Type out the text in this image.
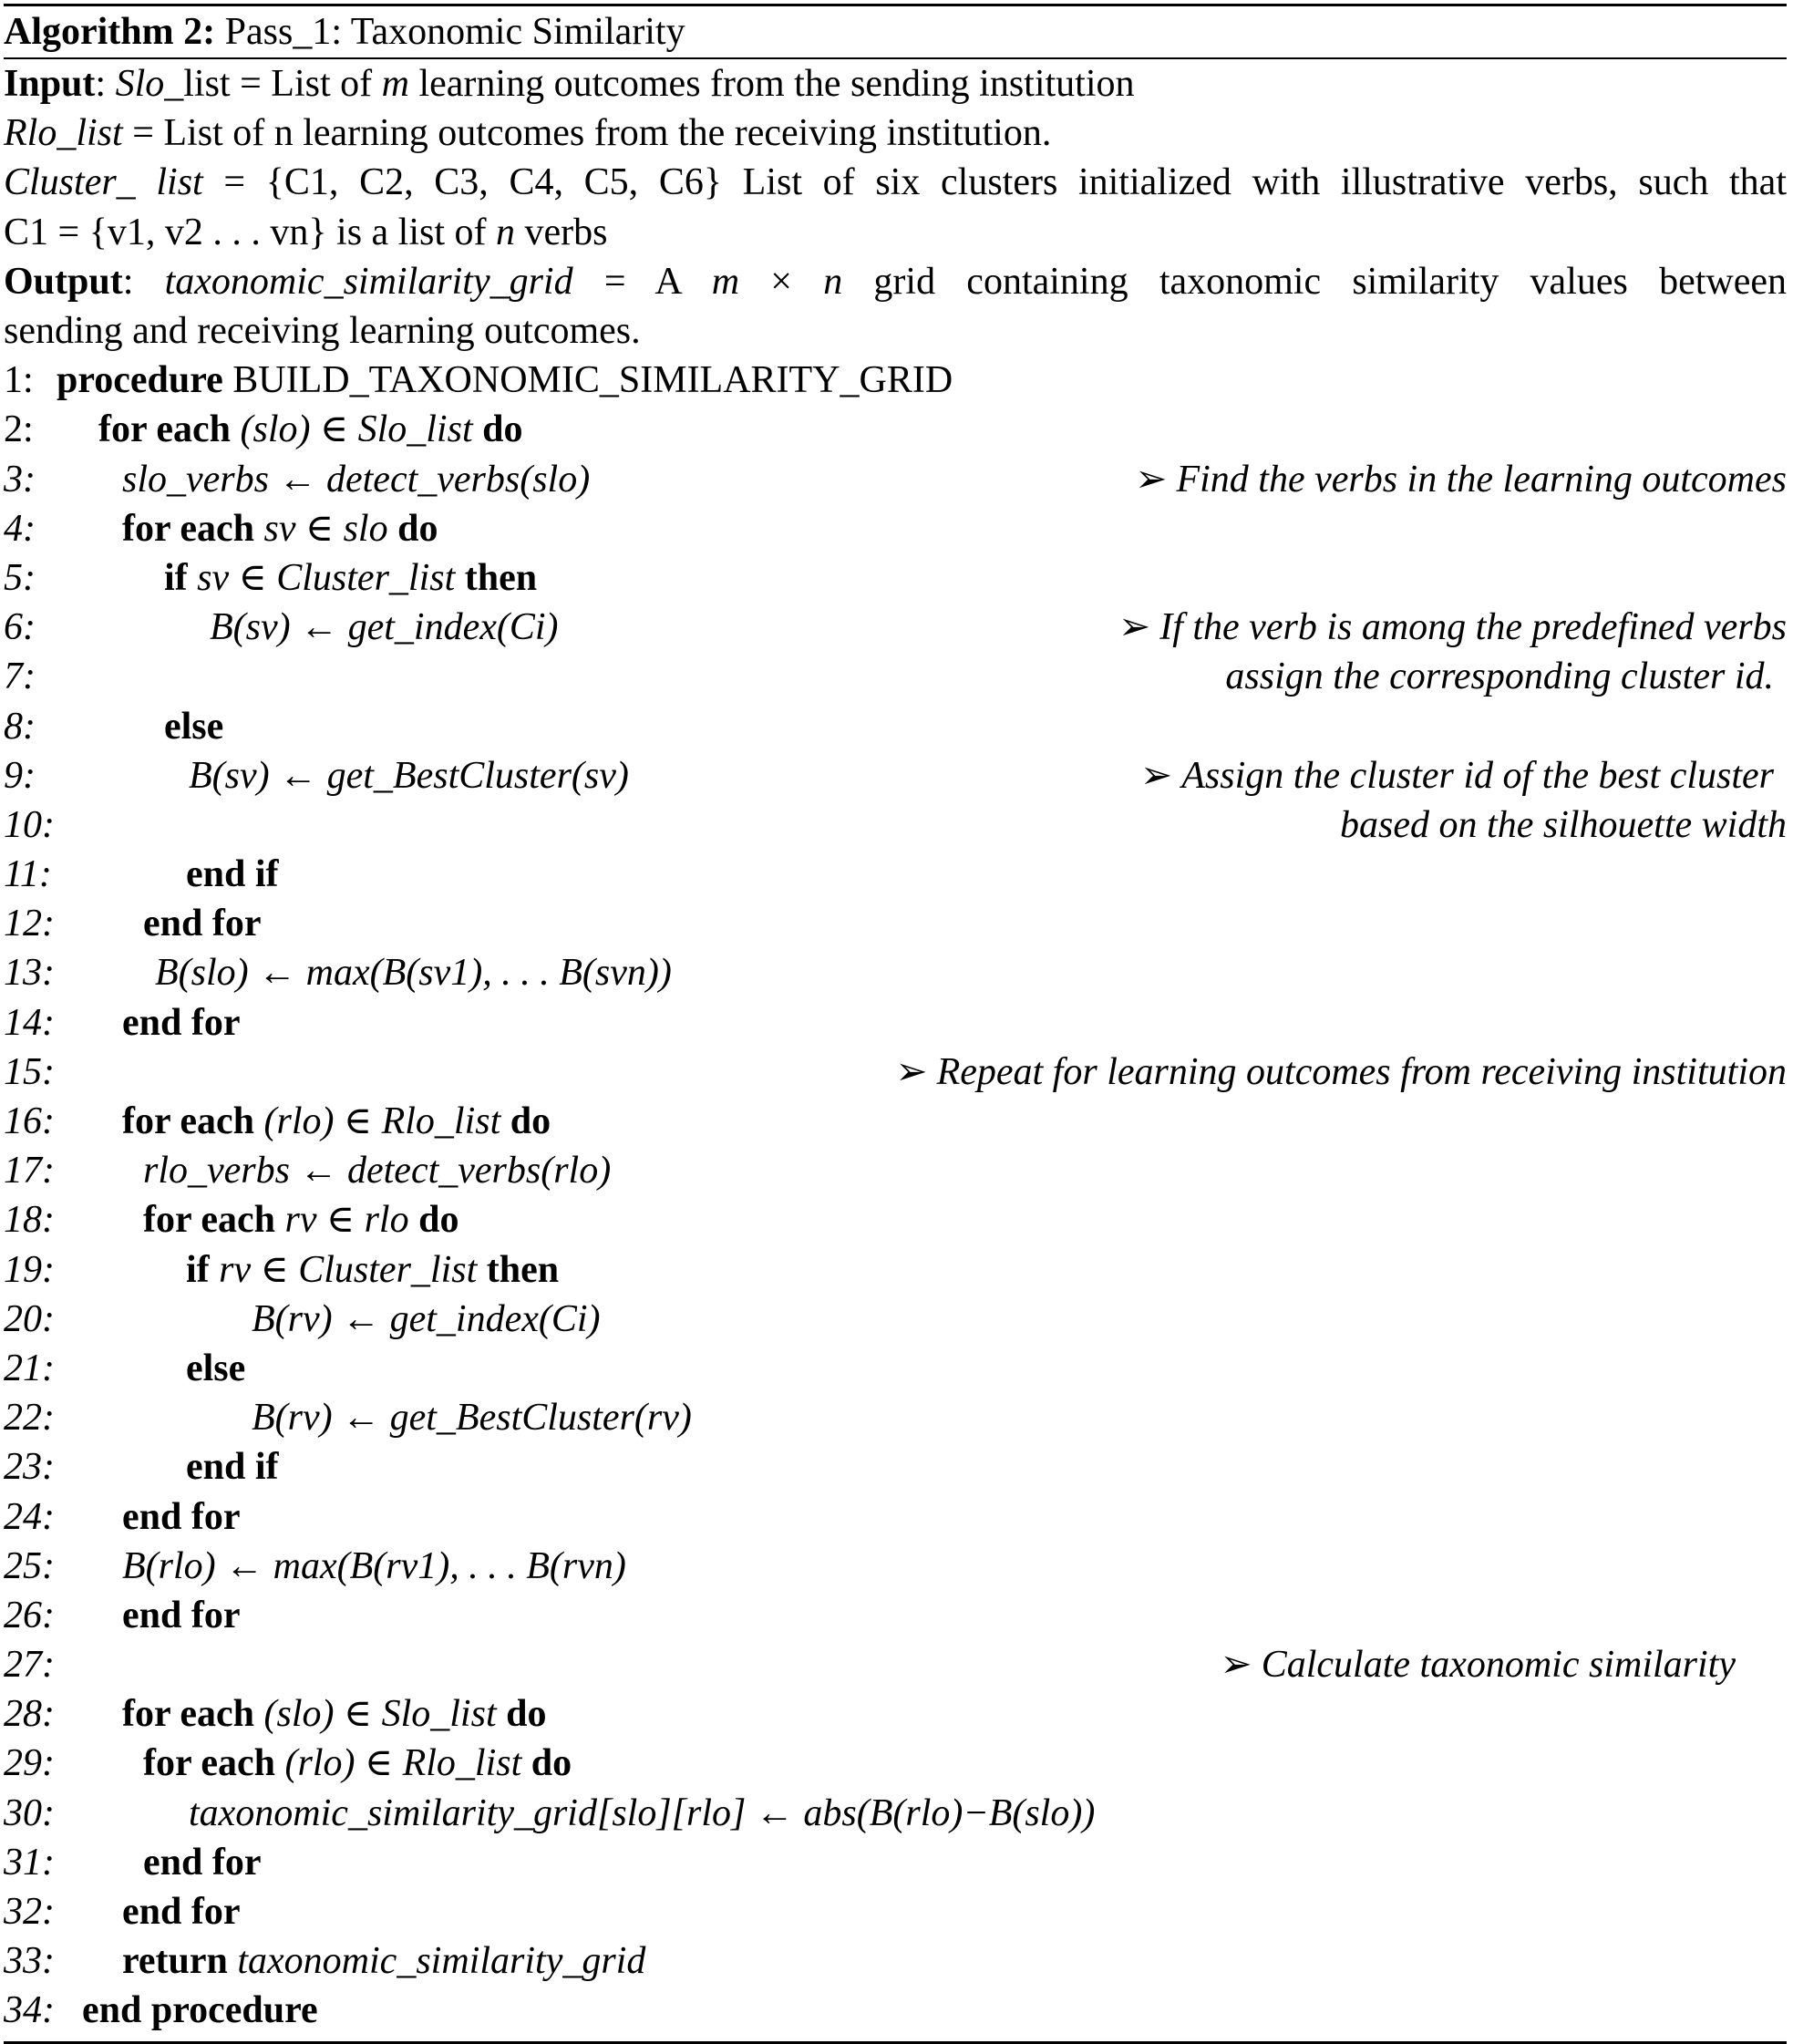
Algorithm 2: Pass_1: Taxonomic Similarity
Input: Slo_list = List of m learning outcomes from the sending institution
Rlo_list = List of n learning outcomes from the receiving institution.
Cluster_ list = {C1, C2, C3, C4, C5, C6} List of six clusters initialized with illustrative verbs, such that
C1 = {v1, v2 . . . vn} is a list of n verbs
Output: taxonomic_similarity_grid = A m × n grid containing taxonomic similarity values between
sending and receiving learning outcomes.
1: procedure BUILD_TAXONOMIC_SIMILARITY_GRID
2: for each (slo) ∈ Slo_list do
3: slo_verbs ← detect_verbs(slo)	➢ Find the verbs in the learning outcomes
4: for each sv ∈ slo do
5:	if sv ∈ Cluster_list then
6:	B(sv) ← get_index(Ci)	➢ If the verb is among the predefined verbs
7:	assign the corresponding cluster id.
8:	else
9:	B(sv) ← get_BestCluster(sv)	➢ Assign the cluster id of the best cluster
10:	based on the silhouette width
11:	end if
12: end for
13:	B(slo) ← max(B(sv1), . . . B(svn))
14: end for
15:	➢ Repeat for learning outcomes from receiving institution
16: for each (rlo) ∈ Rlo_list do
17: rlo_verbs ← detect_verbs(rlo)
18: for each rv ∈ rlo do
19:	if rv ∈ Cluster_list then
20:	B(rv) ← get_index(Ci)
21:	else
22:	B(rv) ← get_BestCluster(rv)
23:	end if
24: end for
25: B(rlo) ← max(B(rv1), . . . B(rvn)
26: end for
27:	➢ Calculate taxonomic similarity
28: for each (slo) ∈ Slo_list do
29: for each (rlo) ∈ Rlo_list do
30:	taxonomic_similarity_grid[slo][rlo] ← abs(B(rlo)−B(slo))
31: end for
32: end for
33: return taxonomic_similarity_grid
34: end procedure
